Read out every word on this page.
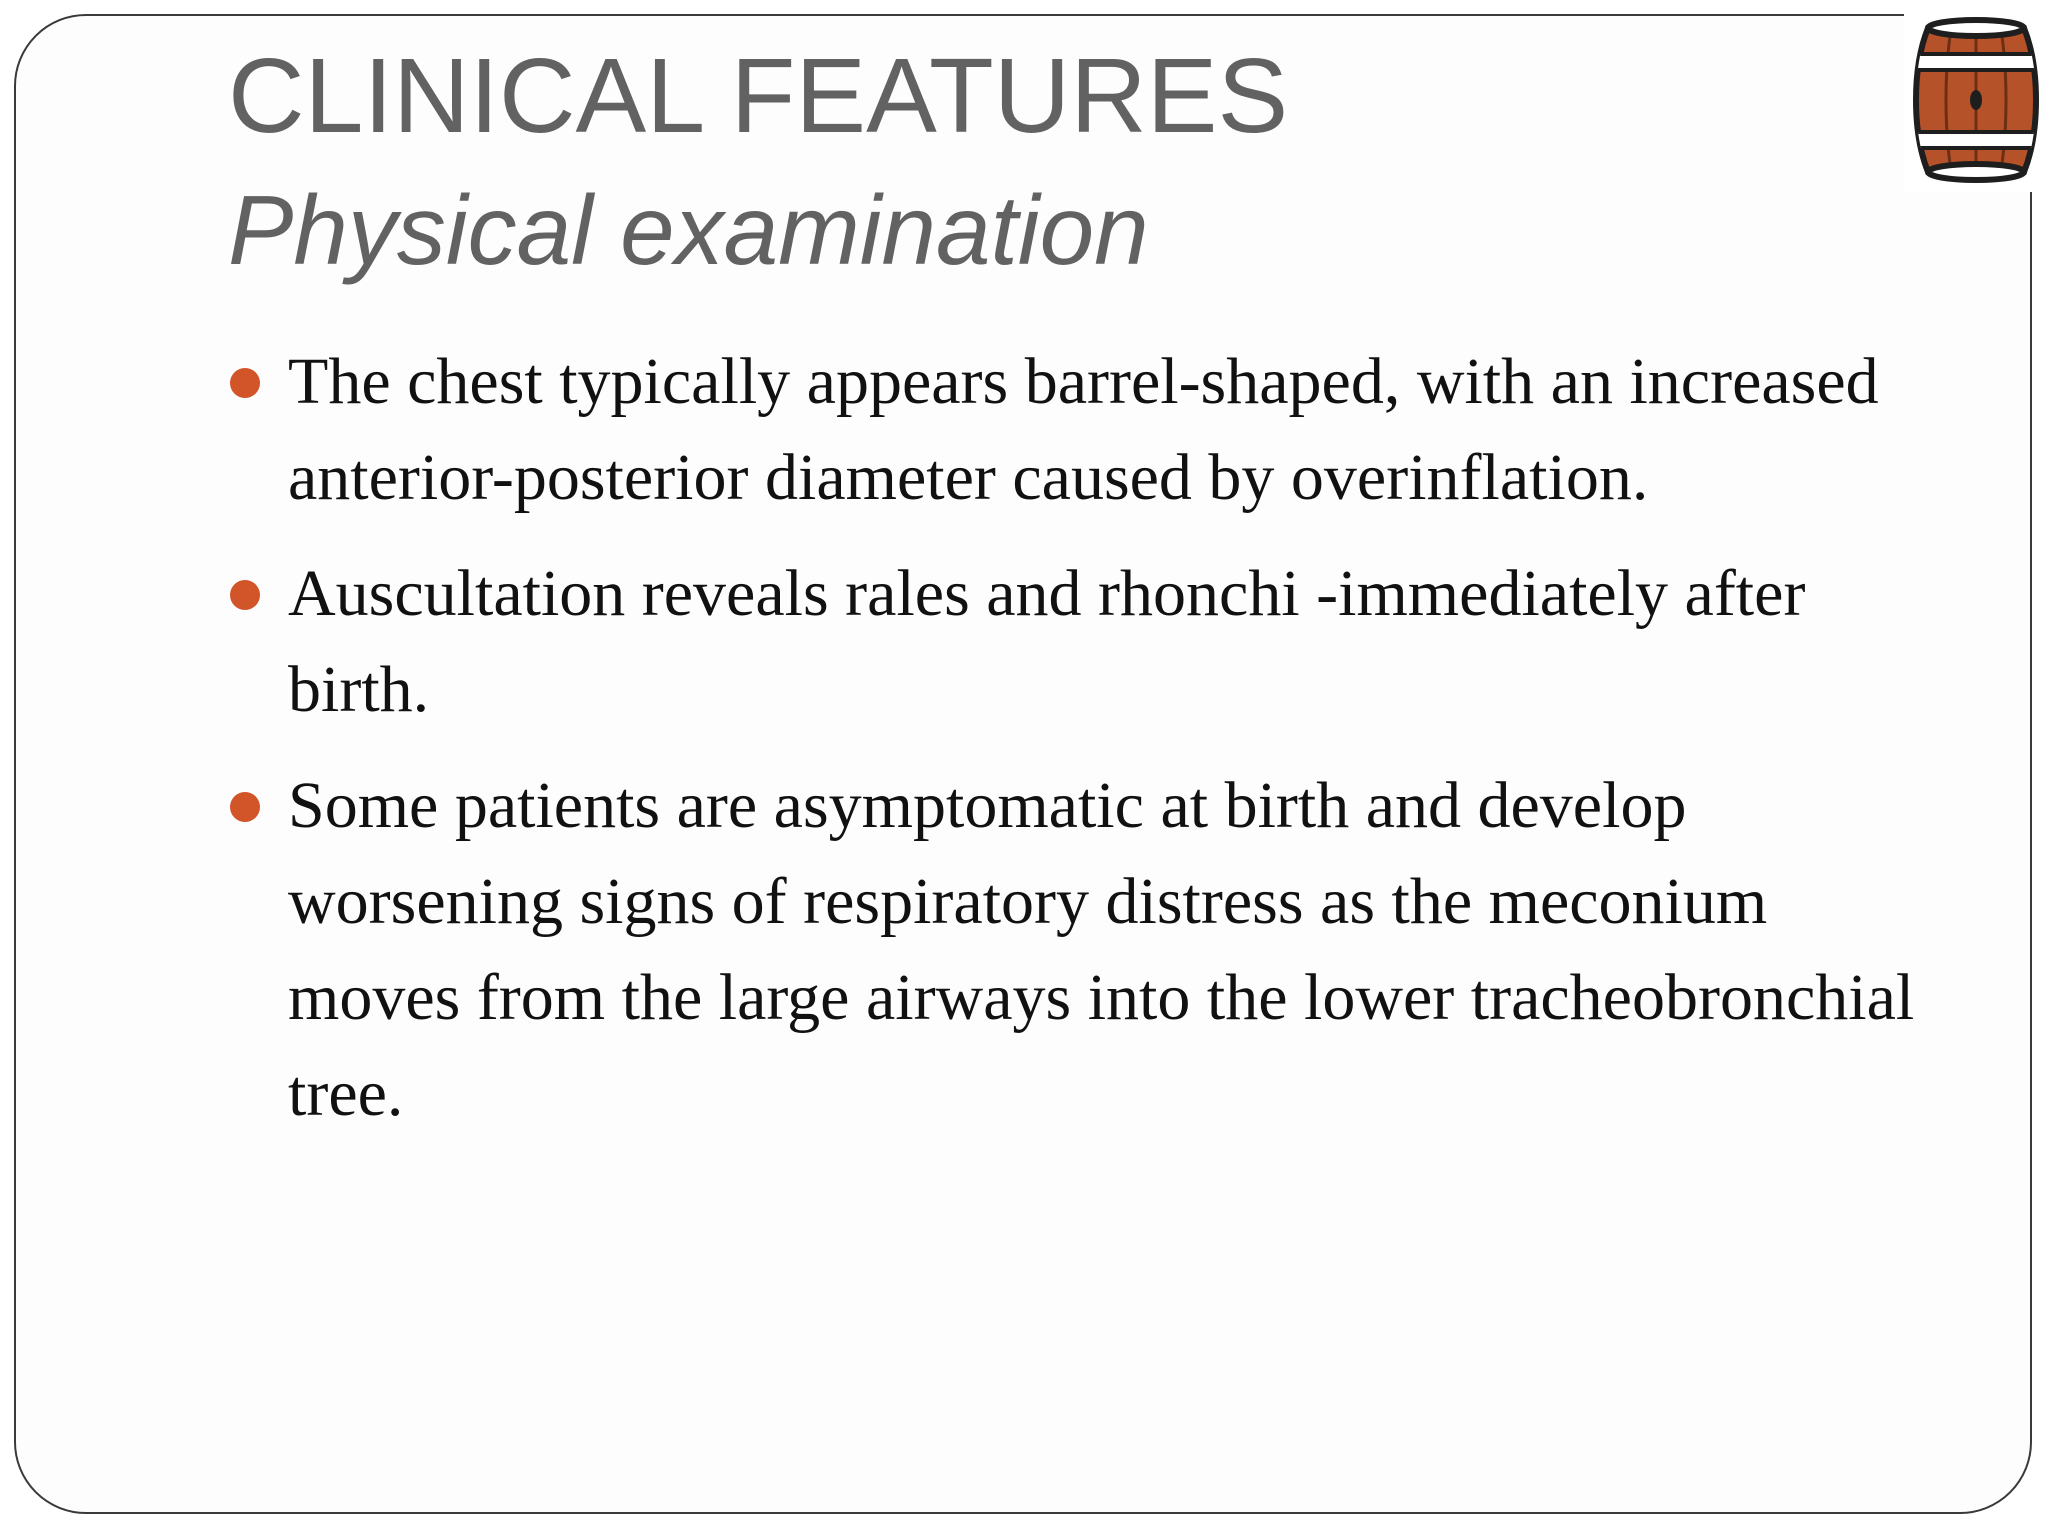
CLINICAL FEATURES
Physical examination
The chest typically appears barrel-shaped, with an increased anterior-posterior diameter caused by overinflation.
Auscultation reveals rales and rhonchi -immediately after birth.
Some patients are asymptomatic at birth and develop worsening signs of respiratory distress as the meconium moves from the large airways into the lower tracheobronchial tree.
